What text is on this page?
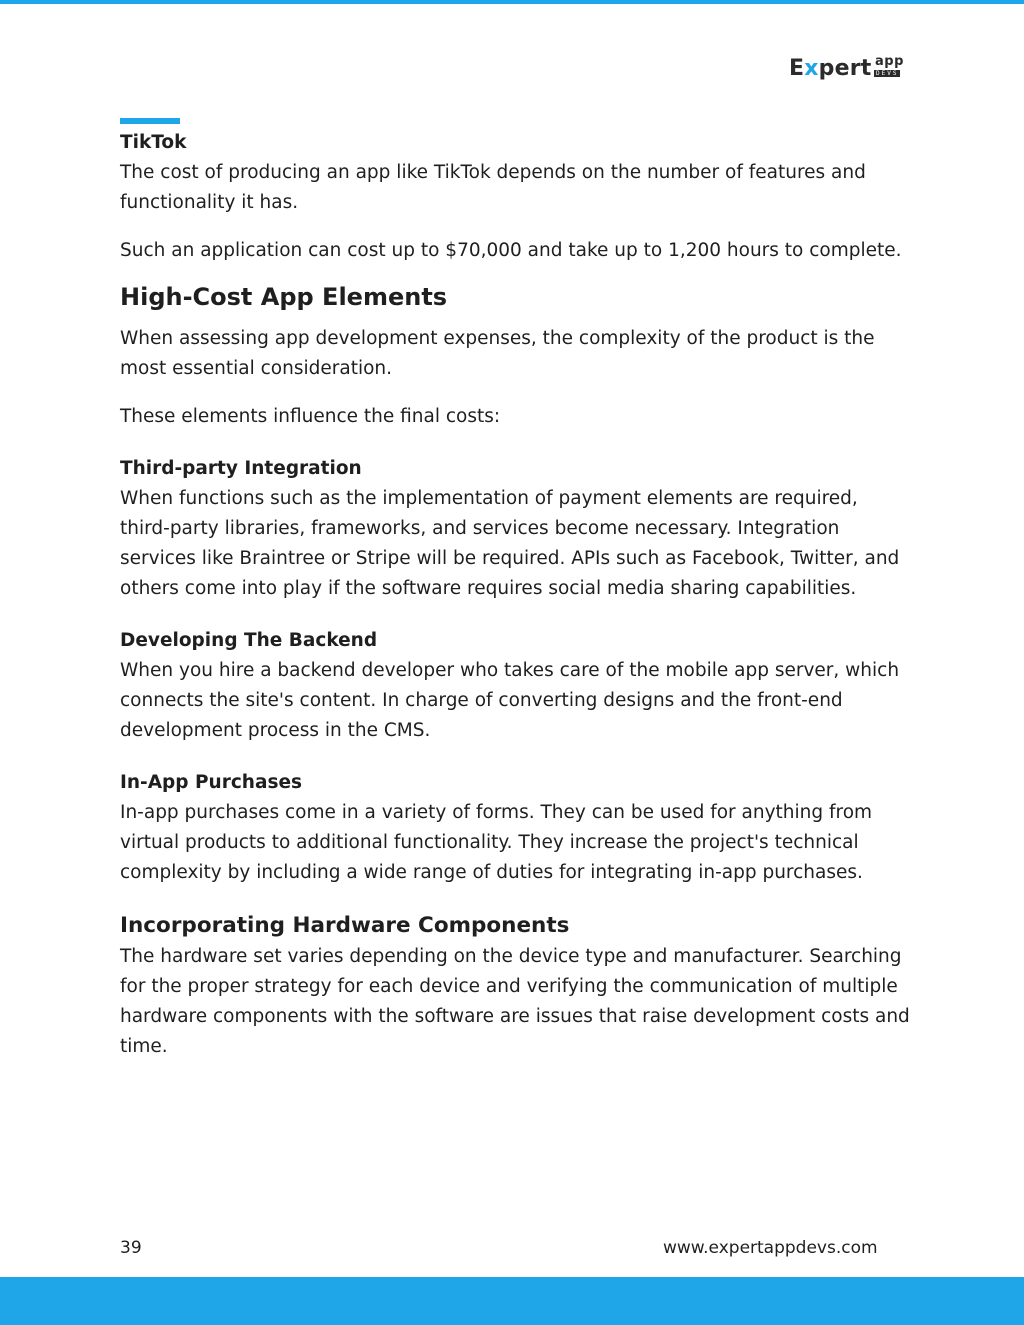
Expert app
DEVS
TikTok

The cost of producing an app like TikTok depends on the number of features and functionality it has.

Such an application can cost up to $70,000 and take up to 1,200 hours to complete.

High-Cost App Elements

When assessing app development expenses, the complexity of the product is the most essential consideration.

These elements influence the final costs:

Third-party Integration

When functions such as the implementation of payment elements are required, third-party libraries, frameworks, and services become necessary. Integration services like Braintree or Stripe will be required. APIs such as Facebook, Twitter, and others come into play if the software requires social media sharing capabilities.

Developing The Backend

When you hire a backend developer who takes care of the mobile app server, which connects the site's content. In charge of converting designs and the front-end development process in the CMS.

In-App Purchases

In-app purchases come in a variety of forms. They can be used for anything from virtual products to additional functionality. They increase the project's technical complexity by including a wide range of duties for integrating in-app purchases.

Incorporating Hardware Components

The hardware set varies depending on the device type and manufacturer. Searching for the proper strategy for each device and verifying the communication of multiple hardware components with the software are issues that raise development costs and time.

39	www.expertappdevs.com
